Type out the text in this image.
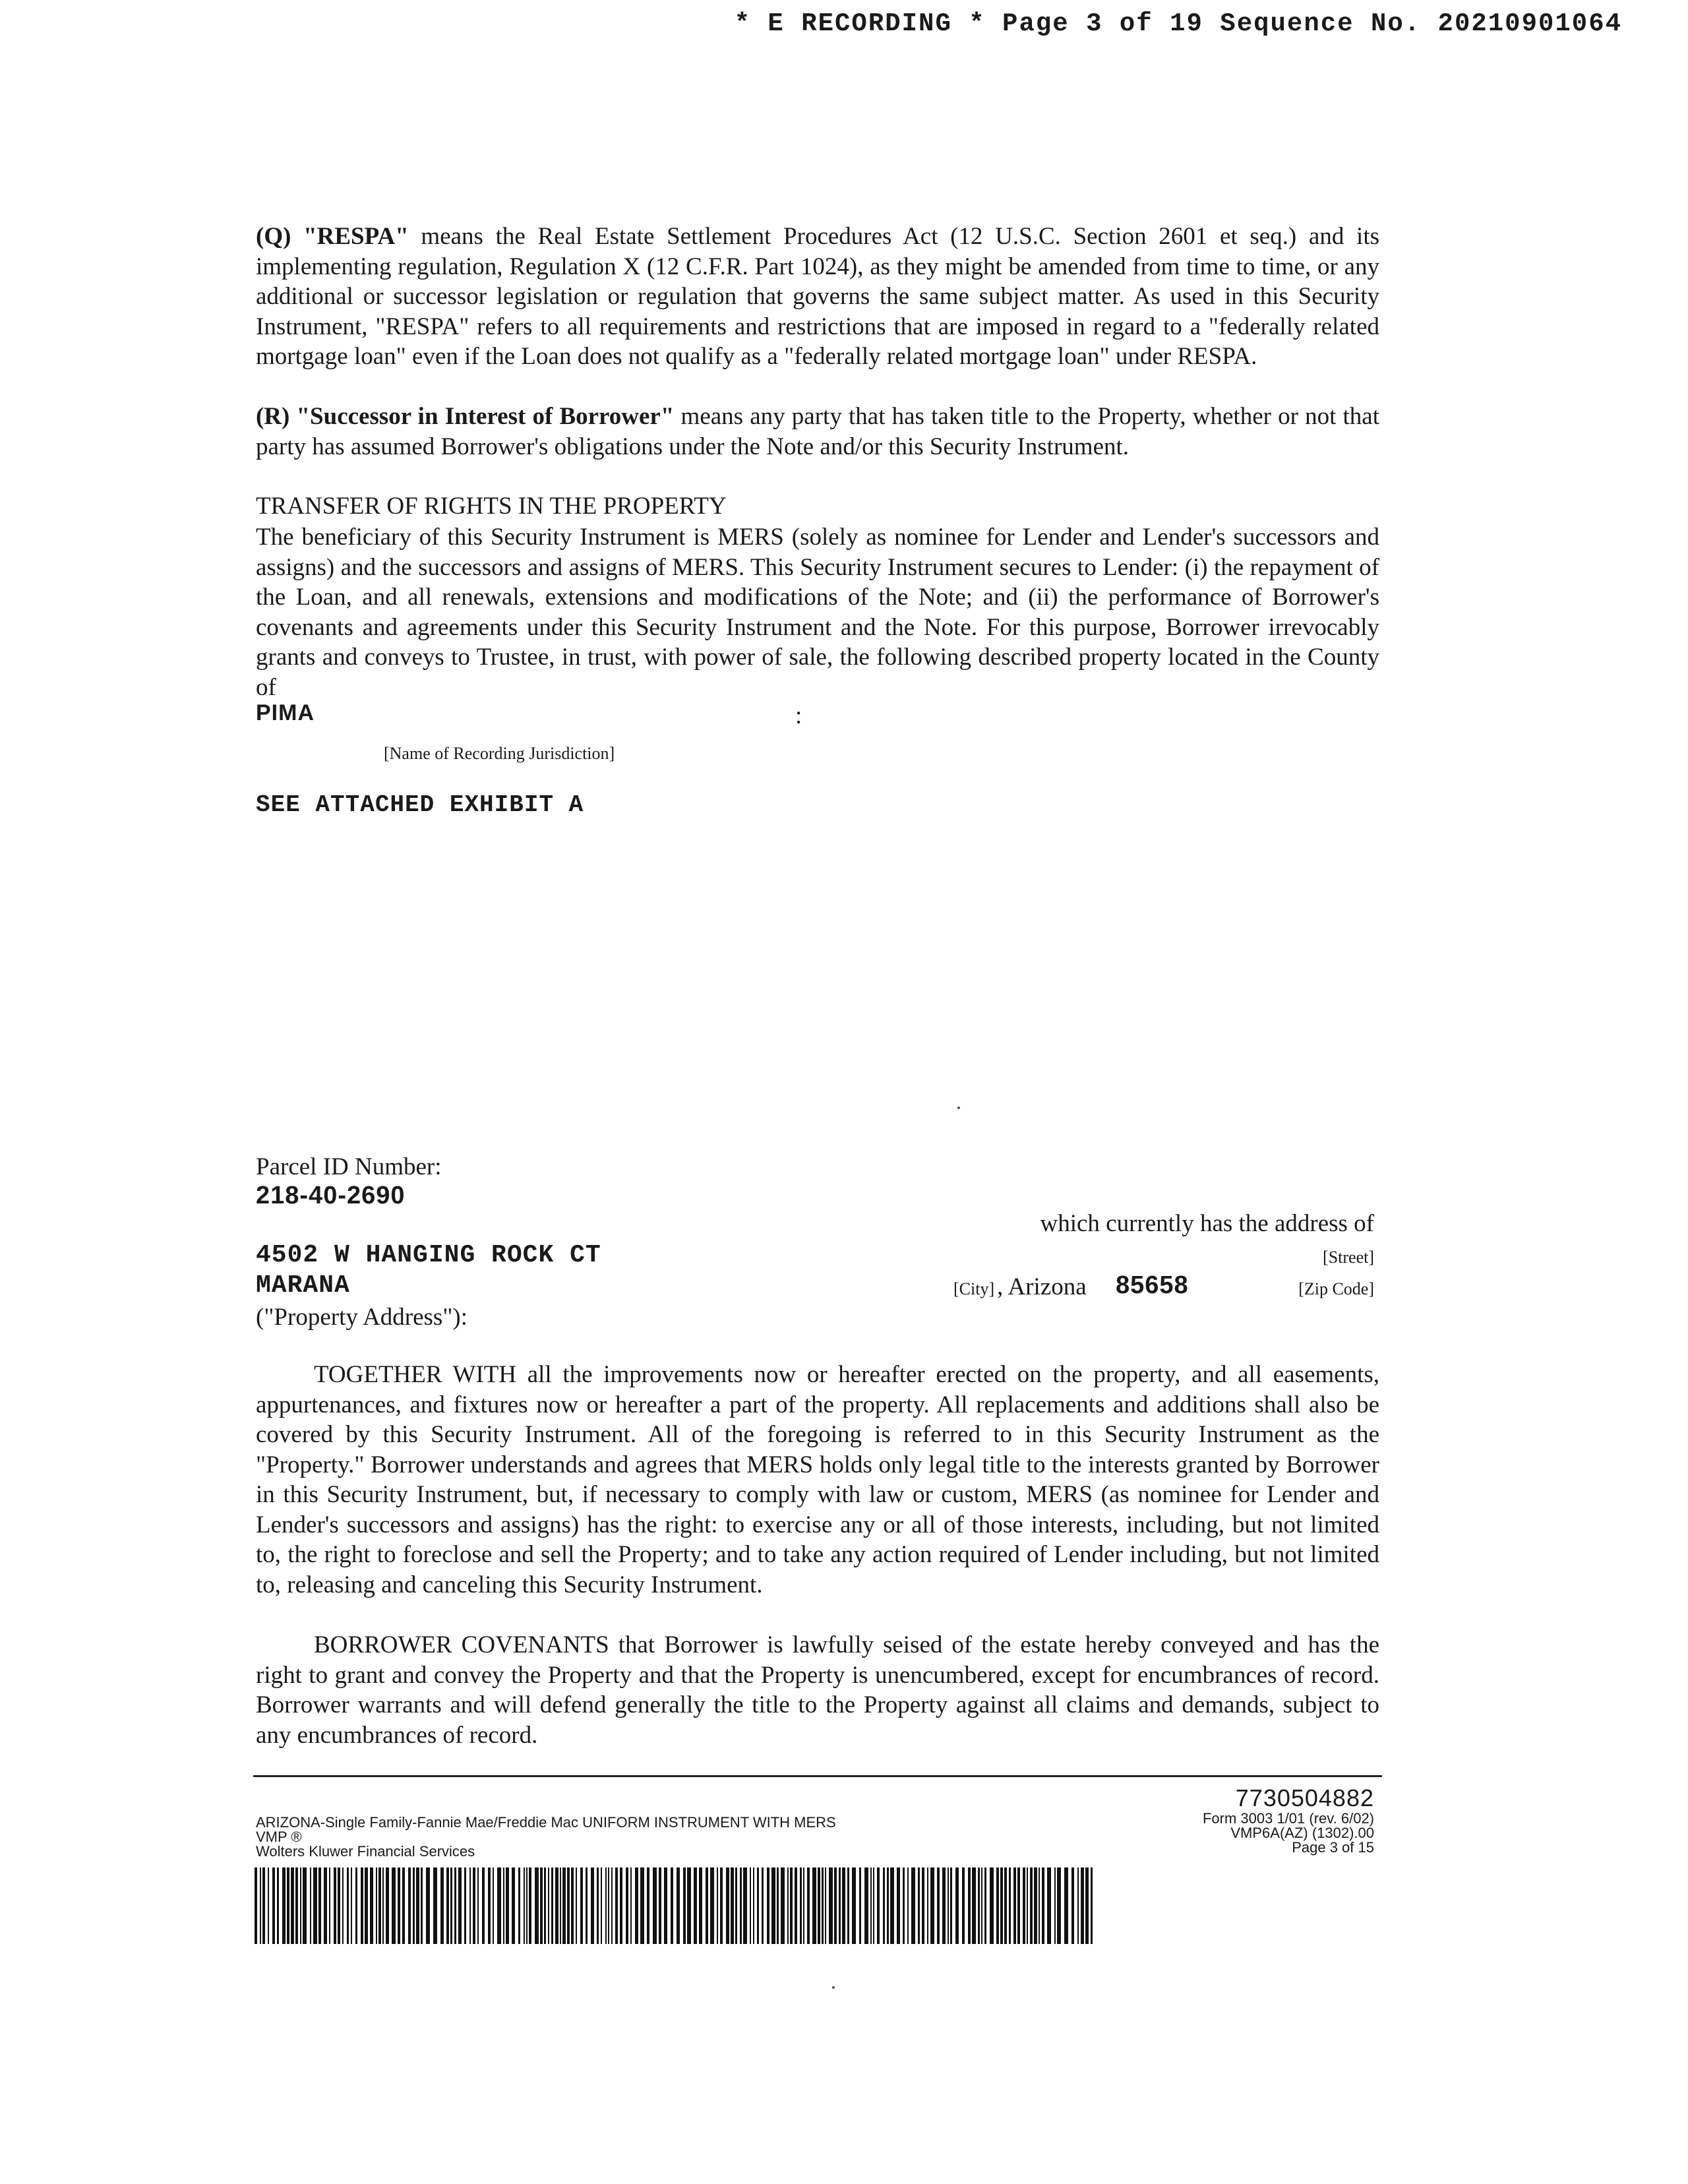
* E RECORDING * Page 3 of 19 Sequence No. 20210901064

(Q) "RESPA" means the Real Estate Settlement Procedures Act (12 U.S.C. Section 2601 et seq.) and its implementing regulation, Regulation X (12 C.F.R. Part 1024), as they might be amended from time to time, or any additional or successor legislation or regulation that governs the same subject matter. As used in this Security Instrument, "RESPA" refers to all requirements and restrictions that are imposed in regard to a "federally related mortgage loan" even if the Loan does not qualify as a "federally related mortgage loan" under RESPA.

(R) "Successor in Interest of Borrower" means any party that has taken title to the Property, whether or not that party has assumed Borrower's obligations under the Note and/or this Security Instrument.

TRANSFER OF RIGHTS IN THE PROPERTY

The beneficiary of this Security Instrument is MERS (solely as nominee for Lender and Lender's successors and assigns) and the successors and assigns of MERS. This Security Instrument secures to Lender: (i) the repayment of the Loan, and all renewals, extensions and modifications of the Note; and (ii) the performance of Borrower's covenants and agreements under this Security Instrument and the Note. For this purpose, Borrower irrevocably grants and conveys to Trustee, in trust, with power of sale, the following described property located in the County of

PIMA	:
[Name of Recording Jurisdiction]
SEE ATTACHED EXHIBIT A
Parcel ID Number:
218-40-2690
which currently has the address of
4502 W HANGING ROCK CT	[Street]
MARANA	[City] , Arizona 85658	[Zip Code]
("Property Address"):

TOGETHER WITH all the improvements now or hereafter erected on the property, and all easements, appurtenances, and fixtures now or hereafter a part of the property. All replacements and additions shall also be covered by this Security Instrument. All of the foregoing is referred to in this Security Instrument as the "Property." Borrower understands and agrees that MERS holds only legal title to the interests granted by Borrower in this Security Instrument, but, if necessary to comply with law or custom, MERS (as nominee for Lender and Lender's successors and assigns) has the right: to exercise any or all of those interests, including, but not limited to, the right to foreclose and sell the Property; and to take any action required of Lender including, but not limited to, releasing and canceling this Security Instrument.

BORROWER COVENANTS that Borrower is lawfully seised of the estate hereby conveyed and has the right to grant and convey the Property and that the Property is unencumbered, except for encumbrances of record. Borrower warrants and will defend generally the title to the Property against all claims and demands, subject to any encumbrances of record.

7730504882
ARIZONA-Single Family-Fannie Mae/Freddie Mac UNIFORM INSTRUMENT WITH MERS
VMP ®
Wolters Kluwer Financial Services
Form 3003 1/01 (rev. 6/02)
VMP6A(AZ) (1302).00
Page 3 of 15
